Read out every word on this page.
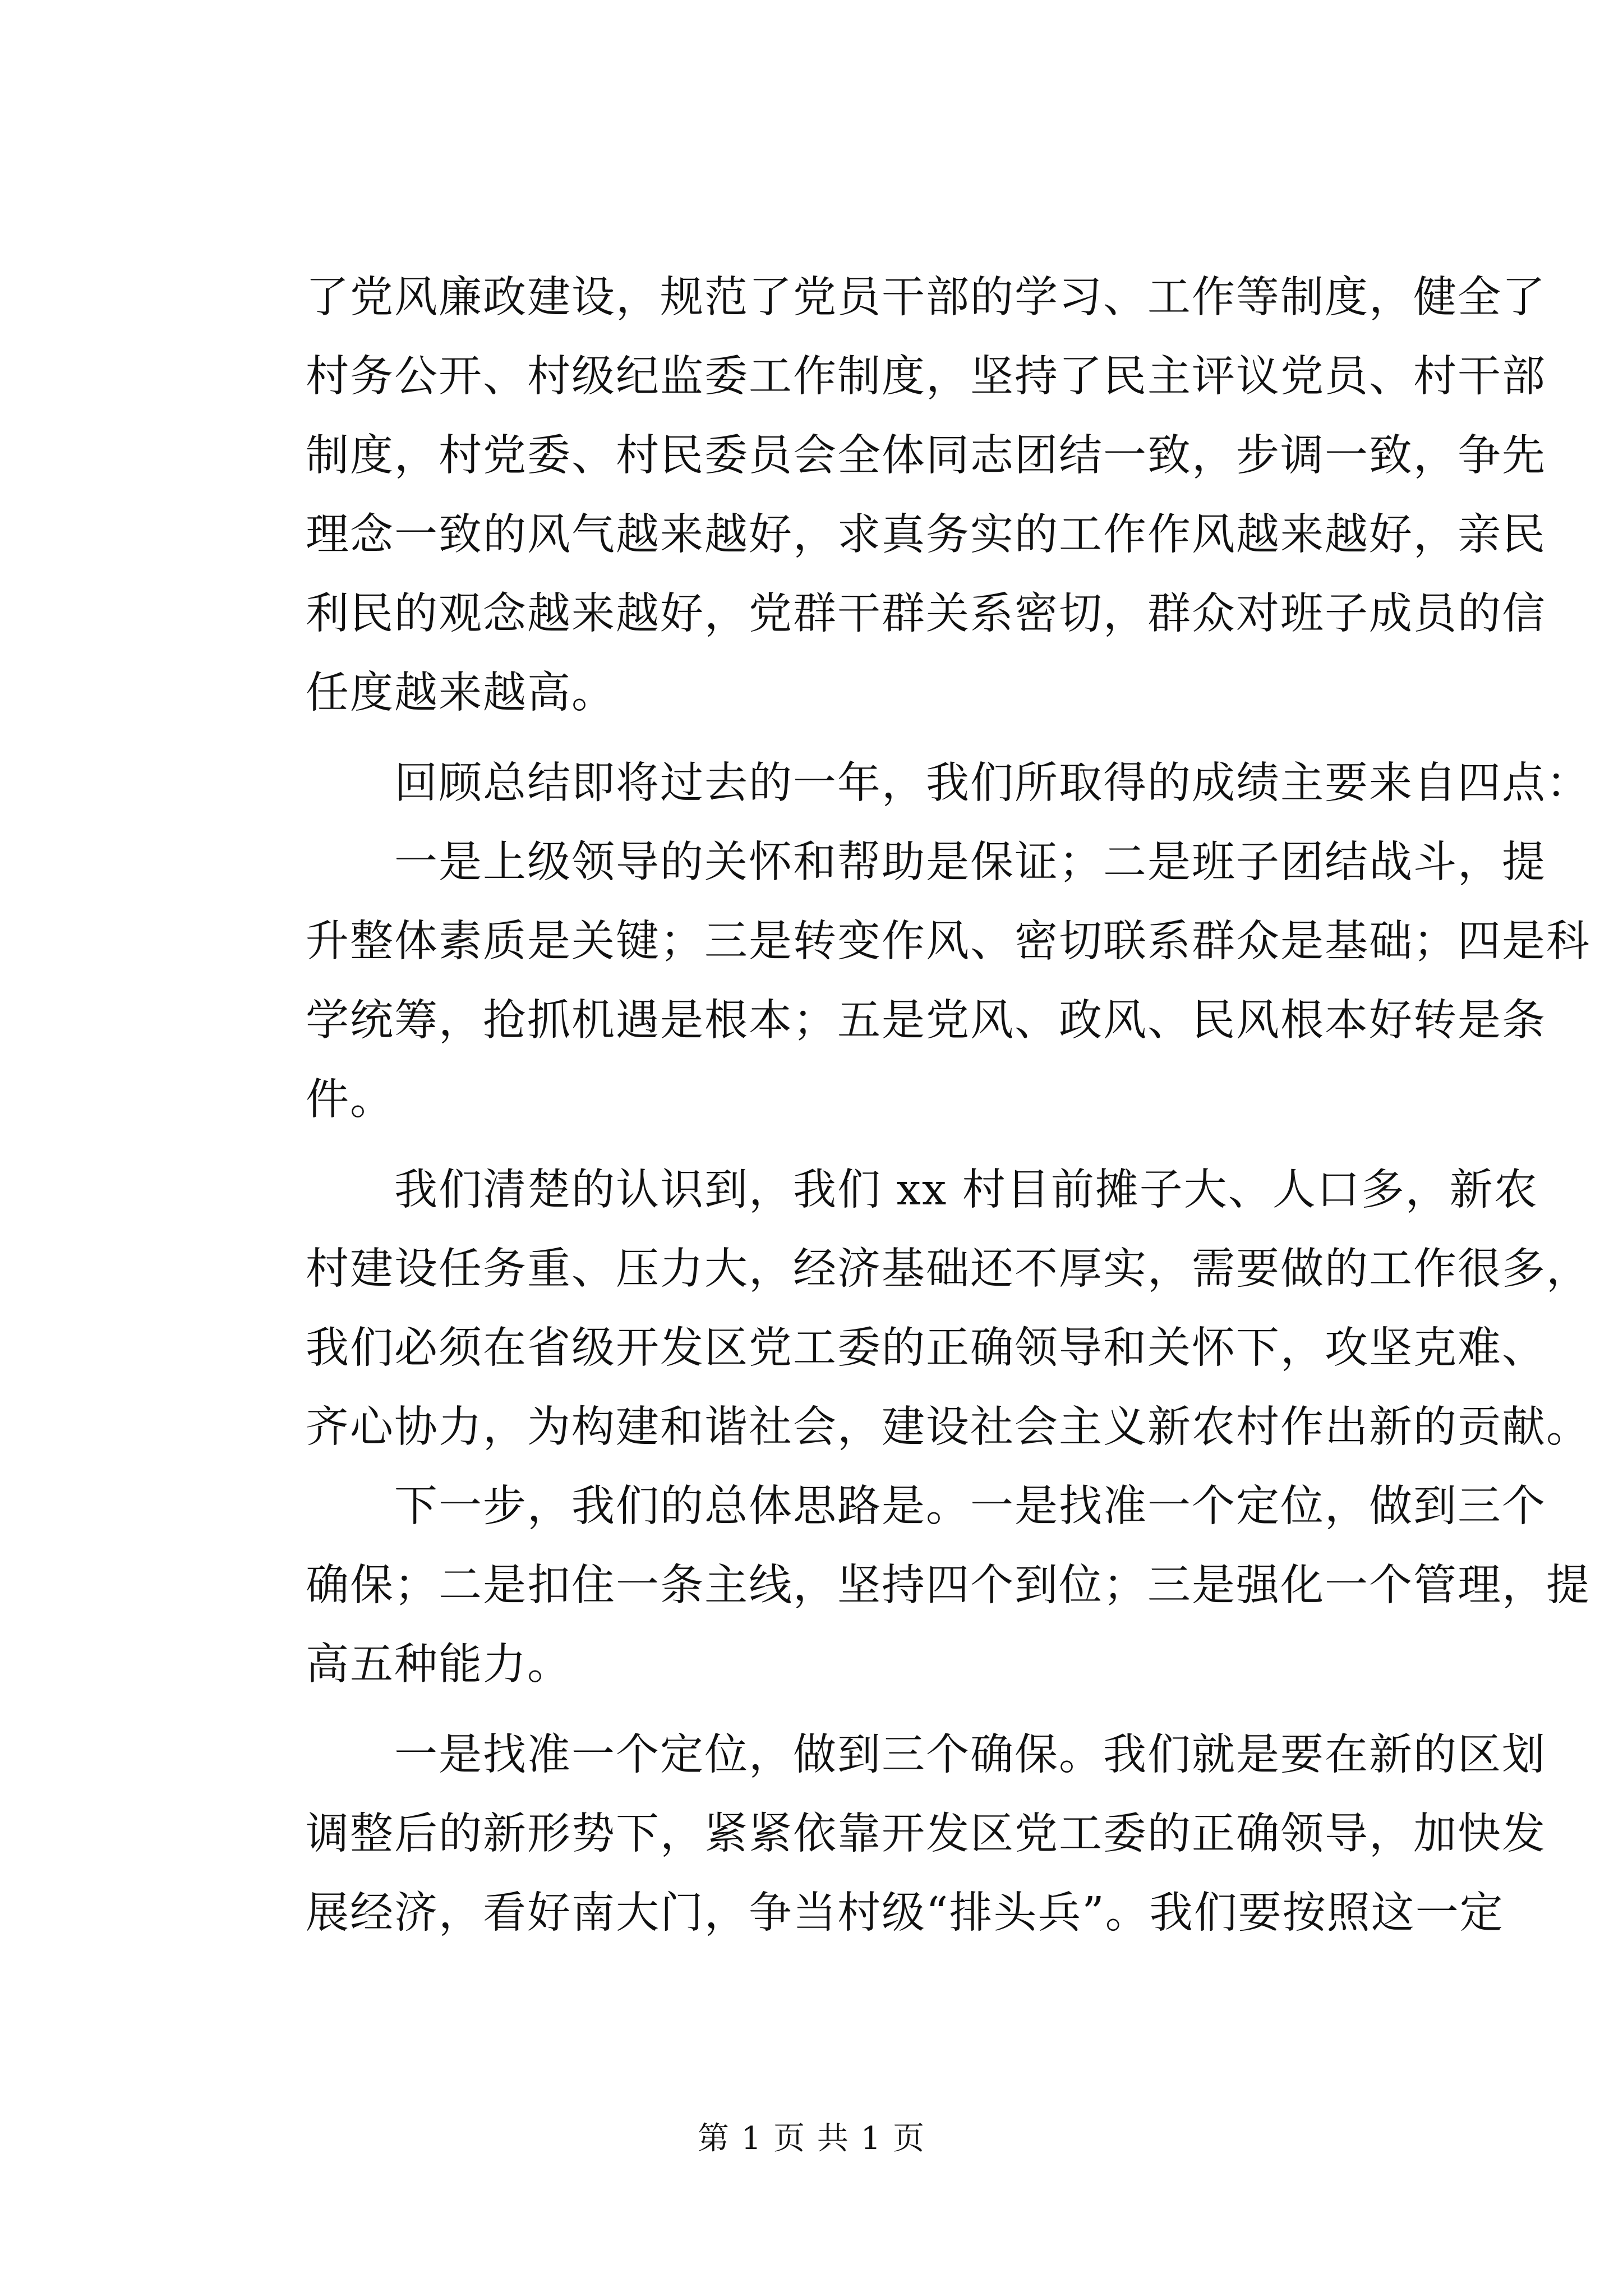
了党风廉政建设，规范了党员干部的学习、工作等制度，健全了
村务公开、村级纪监委工作制度，坚持了民主评议党员、村干部
制度，村党委、村民委员会全体同志团结一致，步调一致，争先
理念一致的风气越来越好，求真务实的工作作风越来越好，亲民
利民的观念越来越好，党群干群关系密切，群众对班子成员的信
任度越来越高。
　　回顾总结即将过去的一年，我们所取得的成绩主要来自四点：
　　一是上级领导的关怀和帮助是保证；二是班子团结战斗，提
升整体素质是关键；三是转变作风、密切联系群众是基础；四是科
学统筹，抢抓机遇是根本；五是党风、政风、民风根本好转是条
件。
　　我们清楚的认识到，我们 xx 村目前摊子大、人口多，新农
村建设任务重、压力大，经济基础还不厚实，需要做的工作很多，
我们必须在省级开发区党工委的正确领导和关怀下，攻坚克难、
齐心协力，为构建和谐社会，建设社会主义新农村作出新的贡献。
　　下一步，我们的总体思路是。一是找准一个定位，做到三个
确保；二是扣住一条主线，坚持四个到位；三是强化一个管理，提
高五种能力。
　　一是找准一个定位，做到三个确保。我们就是要在新的区划
调整后的新形势下，紧紧依靠开发区党工委的正确领导，加快发
展经济，看好南大门，争当村级“排头兵”。我们要按照这一定
第 1 页 共 1 页
